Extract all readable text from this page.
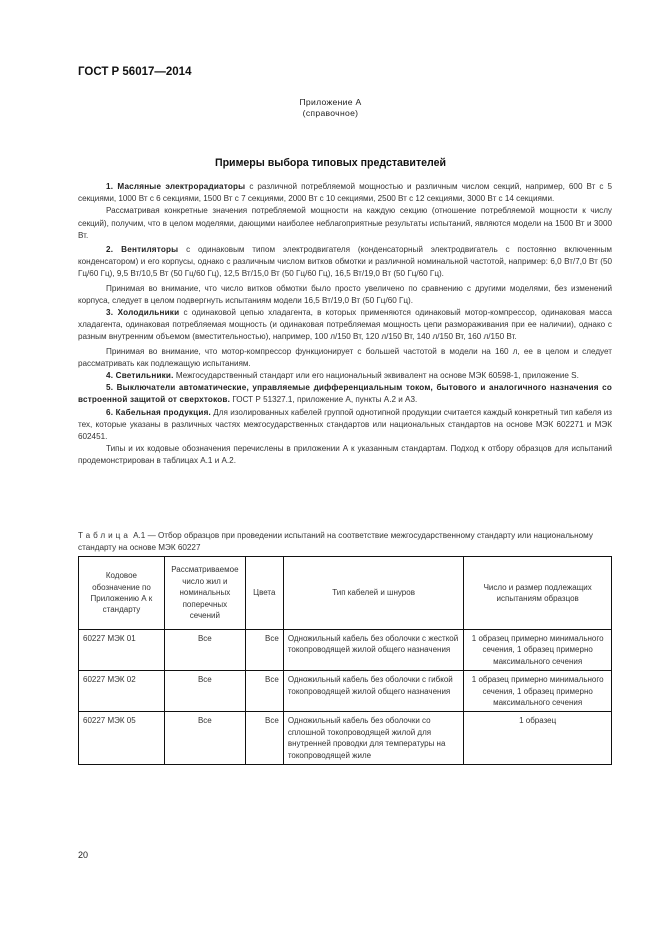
ГОСТ Р 56017—2014
Приложение А
(справочное)
Примеры выбора типовых представителей

1. Масляные электрорадиаторы с различной потребляемой мощностью и различным числом секций, например, 600 Вт с 5 секциями, 1000 Вт с 6 секциями, 1500 Вт с 7 секциями, 2000 Вт с 10 секциями, 2500 Вт с 12 секциями, 3000 Вт с 14 секциями.

Рассматривая конкретные значения потребляемой мощности на каждую секцию (отношение потребляемой мощности к числу секций), получим, что в целом моделями, дающими наиболее неблагоприятные результаты испытаний, являются модели на 1500 Вт и 3000 Вт.

2. Вентиляторы с одинаковым типом электродвигателя (конденсаторный электродвигатель с постоянно включенным конденсатором) и его корпусы, однако с различным числом витков обмотки и различной номинальной частотой, например: 6,0 Вт/7,0 Вт (50 Гц/60 Гц), 9,5 Вт/10,5 Вт (50 Гц/60 Гц), 12,5 Вт/15,0 Вт (50 Гц/60 Гц), 16,5 Вт/19,0 Вт (50 Гц/60 Гц).

Принимая во внимание, что число витков обмотки было просто увеличено по сравнению с другими моделями, без изменений корпуса, следует в целом подвергнуть испытаниям модели 16,5 Вт/19,0 Вт (50 Гц/60 Гц).

3. Холодильники с одинаковой цепью хладагента, в которых применяются одинаковый мотор-компрессор, одинаковая масса хладагента, одинаковая потребляемая мощность (и одинаковая потребляемая мощность цепи размораживания при ее наличии), однако с разным внутренним объемом (вместительностью), например, 100 л/150 Вт, 120 л/150 Вт, 140 л/150 Вт, 160 л/150 Вт.

Принимая во внимание, что мотор-компрессор функционирует с большей частотой в модели на 160 л, ее в целом и следует рассматривать как подлежащую испытаниям.

4. Светильники. Межгосударственный стандарт или его национальный эквивалент на основе МЭК 60598-1, приложение S.

5. Выключатели автоматические, управляемые дифференциальным током, бытового и аналогичного назначения со встроенной защитой от сверхтоков. ГОСТ Р 51327.1, приложение А, пункты А.2 и А3.

6. Кабельная продукция. Для изолированных кабелей группой однотипной продукции считается каждый конкретный тип кабеля из тех, которые указаны в различных частях межгосударственных стандартов или национальных стандартов на основе МЭК 602271 и МЭК 602451.

Типы и их кодовые обозначения перечислены в приложении А к указанным стандартам. Подход к отбору образцов для испытаний продемонстрирован в таблицах А.1 и А.2.

Таблица А.1 — Отбор образцов при проведении испытаний на соответствие межгосударственному стандарту или национальному стандарту на основе МЭК 60227
Кодовое обозначение по Приложению А к стандарту	Рассматриваемое число жил и номинальных поперечных сечений	Цвета	Тип кабелей и шнуров	Число и размер подлежащих испытаниям образцов
60227 МЭК 01	Все	Все	Одножильный кабель без оболочки с жесткой токопроводящей жилой общего назначения	1 образец примерно минимального сечения, 1 образец примерно максимального сечения
60227 МЭК 02	Все	Все	Одножильный кабель без оболочки с гибкой токопроводящей жилой общего назначения	1 образец примерно минимального сечения, 1 образец примерно максимального сечения
60227 МЭК 05	Все	Все	Одножильный кабель без оболочки со сплошной токопроводящей жилой для внутренней проводки для температуры на токопроводящей жиле	1 образец
20
